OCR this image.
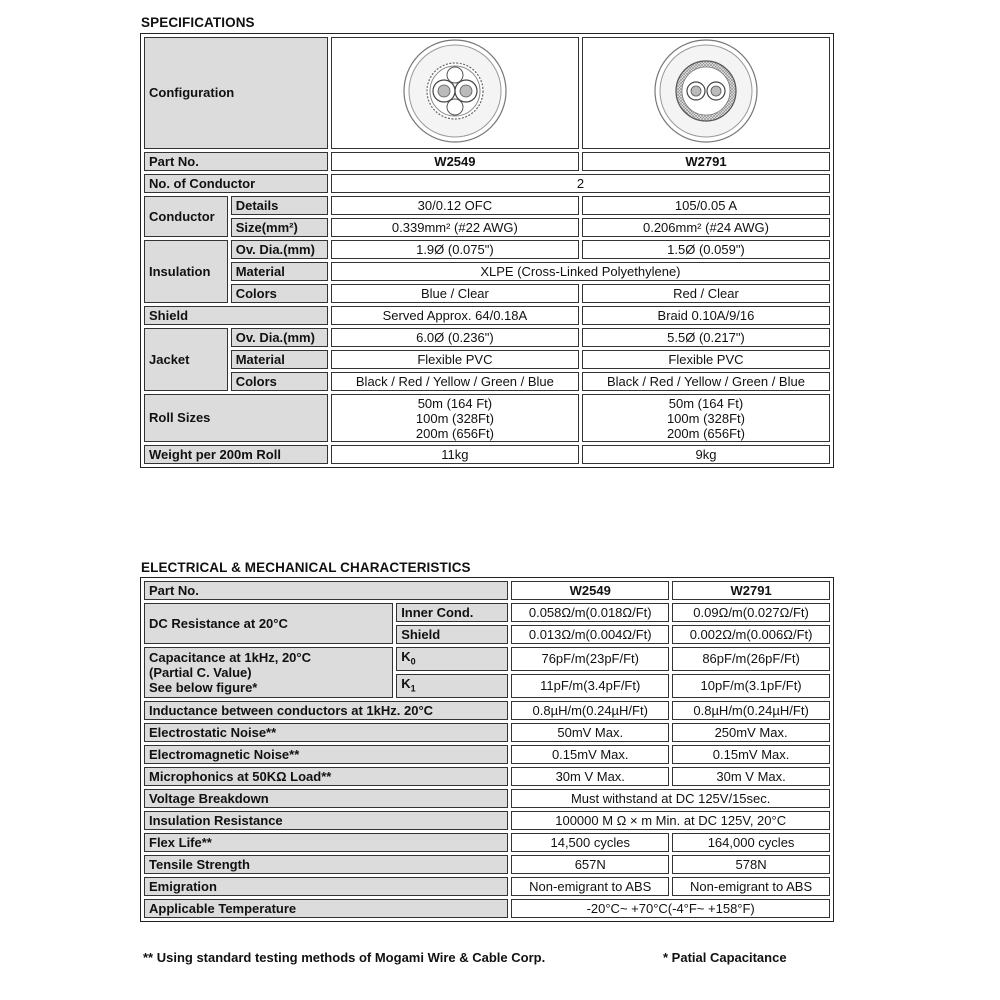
SPECIFICATIONS
Configuration		
Part No.		W2549	W2791
No. of Conductor		2	
Conductor	Details	30/0.12 OFC	105/0.05 A
	Size(mm²)	0.339mm² (#22 AWG)	0.206mm² (#24 AWG)
Insulation	Ov. Dia.(mm)	1.9Ø (0.075")	1.5Ø (0.059")
	Material	XLPE (Cross-Linked Polyethylene)	
	Colors	Blue / Clear	Red / Clear
Shield		Served Approx. 64/0.18A	Braid 0.10A/9/16
Jacket	Ov. Dia.(mm)	6.0Ø (0.236")	5.5Ø (0.217")
	Material	Flexible PVC	Flexible PVC
	Colors	Black / Red / Yellow / Green / Blue	Black / Red / Yellow / Green / Blue
Roll Sizes		50m (164 Ft)
100m (328Ft)
200m (656Ft)	50m (164 Ft)
100m (328Ft)
200m (656Ft)

Weight per 200m Roll		11kg	9kg
ELECTRICAL & MECHANICAL CHARACTERISTICS
Part No.		W2549	W2791
DC Resistance at 20°C	Inner Cond.	0.058Ω/m(0.018Ω/Ft)	0.09Ω/m(0.027Ω/Ft)
	Shield	0.013Ω/m(0.004Ω/Ft)	0.002Ω/m(0.006Ω/Ft)

Capacitance at 1kHz, 20°C
(Partial C. Value)
See below figure*	$K_0$	76pF/m(23pF/Ft)	86pF/m(26pF/Ft)
	$K_1$	11pF/m(3.4pF/Ft)	10pF/m(3.1pF/Ft)
Inductance between conductors at 1kHz. 20°C		0.8µH/m(0.24µH/Ft)	0.8µH/m(0.24µH/Ft)
Electrostatic Noise**		50mV Max.	250mV Max.
Electromagnetic Noise**		0.15mV Max.	0.15mV Max.
Microphonics at 50KΩ Load**		30m V Max.	30m V Max.
Voltage Breakdown		Must withstand at DC 125V/15sec.	
Insulation Resistance		100000 M Ω × m Min. at DC 125V, 20°C	
Flex Life**		14,500 cycles	164,000 cycles
Tensile Strength		657N	578N
Emigration		Non-emigrant to ABS	Non-emigrant to ABS
Applicable Temperature		-20°C~ +70°C(-4°F~ +158°F)	
** Using standard testing methods of Mogami Wire & Cable Corp.	* Patial Capacitance
